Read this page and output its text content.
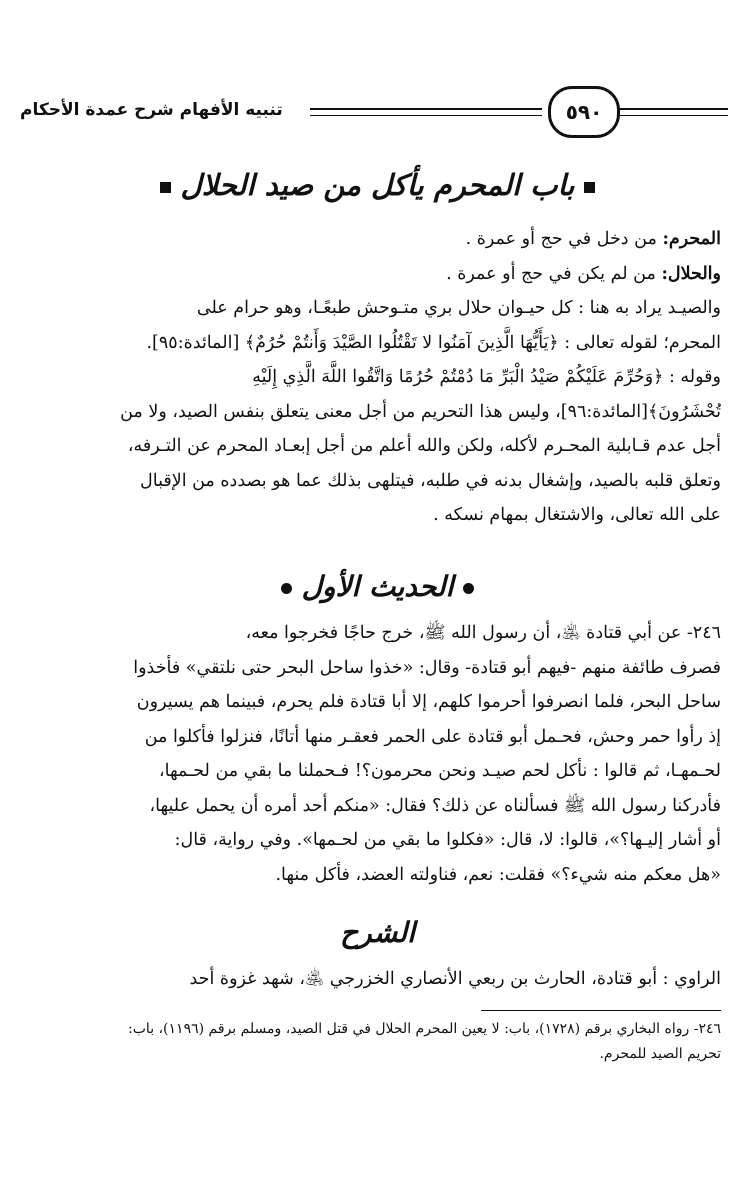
تنبيه الأفهام شرح عمدة الأحكام	٥٩٠
باب المحرم يأكل من صيد الحلال
المحرم: من دخل في حج أو عمرة .
والحلال: من لم يكن في حج أو عمرة .
والصيـد يراد به هنا : كل حيـوان حلال بري متـوحش طبعًـا، وهو حرام على
المحرم؛ لقوله تعالى : ﴿يَأَيُّهَا الَّذِينَ آمَنُوا لا تَقْتُلُوا الصَّيْدَ وَأَنتُمْ حُرُمٌ﴾ [المائدة:٩٥].
وقوله : ﴿وَحُرِّمَ عَلَيْكُمْ صَيْدُ الْبَرِّ مَا دُمْتُمْ حُرُمًا وَاتَّقُوا اللَّهَ الَّذِي إِلَيْهِ
تُحْشَرُونَ﴾[المائدة:٩٦]، وليس هذا التحريم من أجل معنى يتعلق بنفس الصيد، ولا من
أجل عدم قـابلية المحـرم لأكله، ولكن والله أعلم من أجل إبعـاد المحرم عن التـرفه،
وتعلق قلبه بالصيد، وإشغال بدنه في طلبه، فيتلهى بذلك عما هو بصدده من الإقبال
على الله تعالى، والاشتغال بمهام نسكه .
الحديث الأول
٢٤٦- عن أبي قتادة ﵁، أن رسول الله ﷺ، خرج حاجًا فخرجوا معه،
فصرف طائفة منهم -فيهم أبو قتادة- وقال: «خذوا ساحل البحر حتى نلتقي» فأخذوا
ساحل البحر، فلما انصرفوا أحرموا كلهم، إلا أبا قتادة فلم يحرم، فبينما هم يسيرون
إذ رأوا حمر وحش، فحـمل أبو قتادة على الحمر فعقـر منها أتانًا، فنزلوا فأكلوا من
لحـمهـا، ثم قالوا : نأكل لحم صيـد ونحن محرمون؟! فـحملنا ما بقي من لحـمها،
فأدركنا رسول الله ﷺ فسألناه عن ذلك؟ فقال: «منكم أحد أمره أن يحمل عليها،
أو أشار إليـها؟»، قالوا: لا، قال: «فكلوا ما بقي من لحـمها». وفي رواية، قال:
«هل معكم منه شيء؟» فقلت: نعم، فناولته العضد، فأكل منها.
الشرح
الراوي : أبو قتادة، الحارث بن ربعي الأنصاري الخزرجي ﵁، شهد غزوة أحد
٢٤٦- رواه البخاري برقم (١٧٢٨)، باب: لا يعين المحرم الحلال في قتل الصيد، ومسلم برقم (١١٩٦)، باب:
تحريم الصيد للمحرم.
